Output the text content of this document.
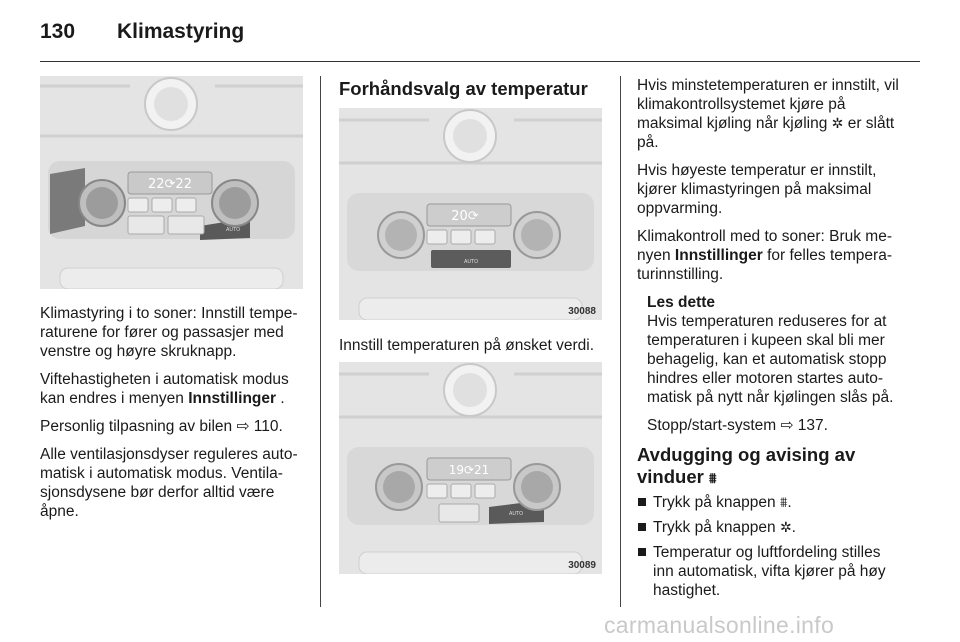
130 Klimastyring
22⟳22
AUTO

Klimastyring i to soner: Innstill tempe-raturene for fører og passasjer med venstre og høyre skruknapp.

Viftehastigheten i automatisk modus kan endres i menyen Innstillinger .

Personlig tilpasning av bilen ⇨ 110.

Alle ventilasjonsdyser reguleres auto-matisk i automatisk modus. Ventila-sjonsdysene bør derfor alltid være åpne.

Forhåndsvalg av temperatur
20⟳
AUTO
30088

Innstill temperaturen på ønsket verdi.

19⟳21
AUTO
30089

Hvis minstetemperaturen er innstilt, vil klimakontrollsystemet kjøre på maksimal kjøling når kjøling ✲ er slått på.

Hvis høyeste temperatur er innstilt, kjører klimastyringen på maksimal oppvarming.

Klimakontroll med to soner: Bruk me-nyen Innstillinger for felles tempera-turinnstilling.

Les dette

Hvis temperaturen reduseres for at temperaturen i kupeen skal bli mer behagelig, kan et automatisk stopp hindres eller motoren startes auto-matisk på nytt når kjølingen slås på.

Stopp/start-system ⇨ 137.

Avdugging og avising av
vinduer ⩩
Trykk på knappen ⩩.
Trykk på knappen ✲.
Temperatur og luftfordeling stilles inn automatisk, vifta kjører på høy hastighet.
carmanualsonline.info
